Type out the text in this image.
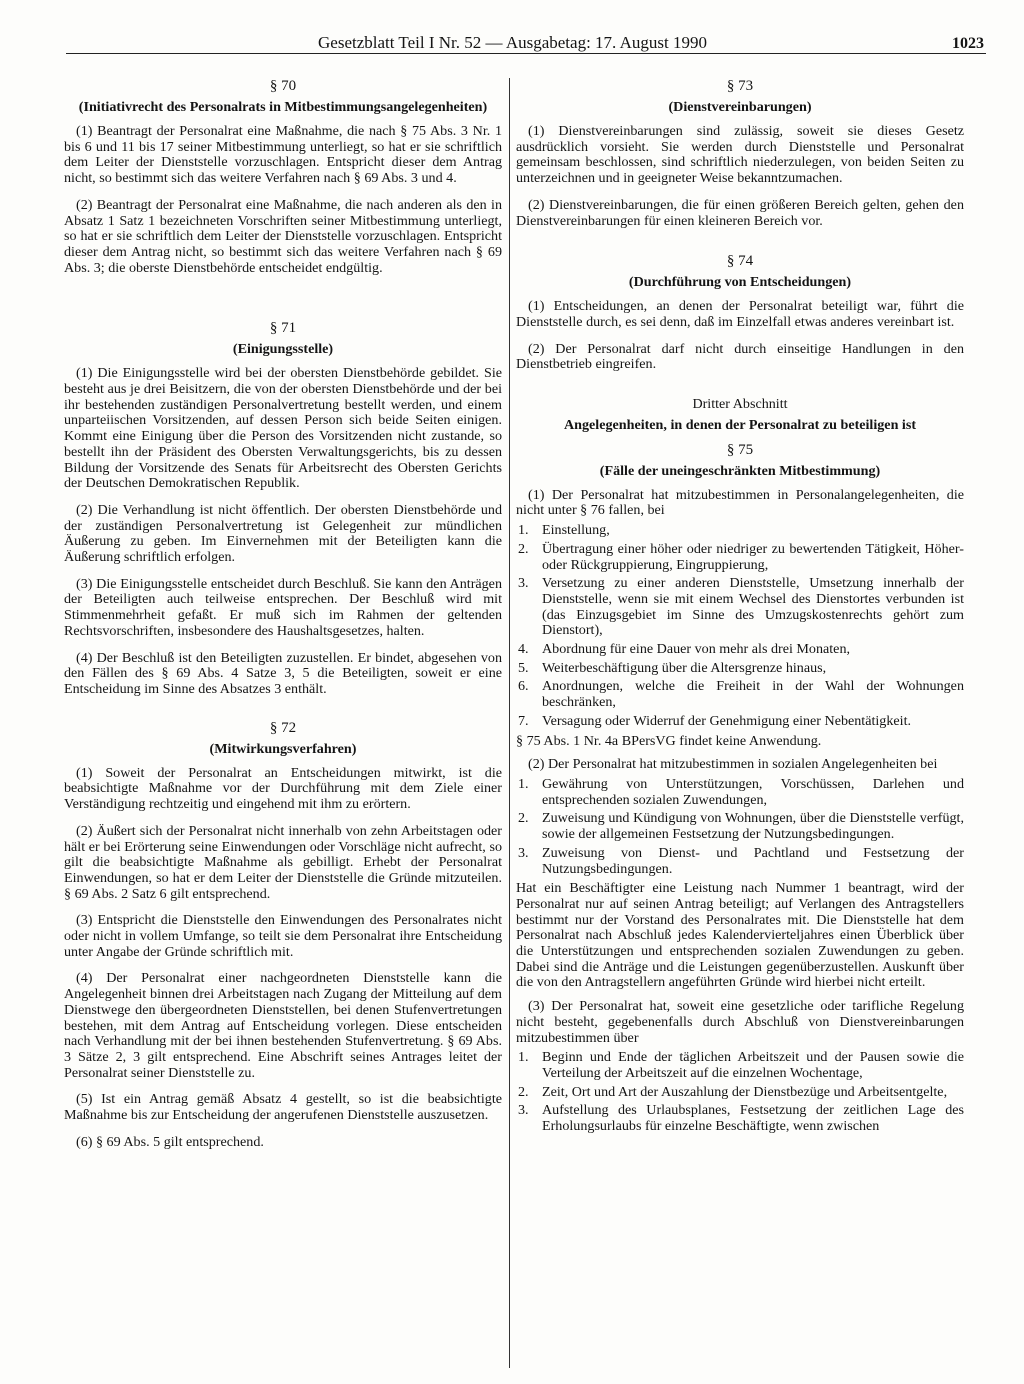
Gesetzblatt Teil I Nr. 52 — Ausgabetag: 17. August 1990	1023

§ 70

(Initiativrecht des Personalrats in Mitbestimmungsangelegenheiten)

(1) Beantragt der Personalrat eine Maßnahme, die nach § 75 Abs. 3 Nr. 1 bis 6 und 11 bis 17 seiner Mitbestimmung unterliegt, so hat er sie schriftlich dem Leiter der Dienststelle vorzuschlagen. Entspricht dieser dem Antrag nicht, so bestimmt sich das weitere Verfahren nach § 69 Abs. 3 und 4.

(2) Beantragt der Personalrat eine Maßnahme, die nach anderen als den in Absatz 1 Satz 1 bezeichneten Vorschriften seiner Mitbestimmung unterliegt, so hat er sie schriftlich dem Leiter der Dienststelle vorzuschlagen. Entspricht dieser dem Antrag nicht, so bestimmt sich das weitere Verfahren nach § 69 Abs. 3; die oberste Dienstbehörde entscheidet endgültig.

§ 71

(Einigungsstelle)

(1) Die Einigungsstelle wird bei der obersten Dienstbehörde gebildet. Sie besteht aus je drei Beisitzern, die von der obersten Dienstbehörde und der bei ihr bestehenden zuständigen Personalvertretung bestellt werden, und einem unparteiischen Vorsitzenden, auf dessen Person sich beide Seiten einigen. Kommt eine Einigung über die Person des Vorsitzenden nicht zustande, so bestellt ihn der Präsident des Obersten Verwaltungsgerichts, bis zu dessen Bildung der Vorsitzende des Senats für Arbeitsrecht des Obersten Gerichts der Deutschen Demokratischen Republik.

(2) Die Verhandlung ist nicht öffentlich. Der obersten Dienstbehörde und der zuständigen Personalvertretung ist Gelegenheit zur mündlichen Äußerung zu geben. Im Einvernehmen mit der Beteiligten kann die Äußerung schriftlich erfolgen.

(3) Die Einigungsstelle entscheidet durch Beschluß. Sie kann den Anträgen der Beteiligten auch teilweise entsprechen. Der Beschluß wird mit Stimmenmehrheit gefaßt. Er muß sich im Rahmen der geltenden Rechtsvorschriften, insbesondere des Haushaltsgesetzes, halten.

(4) Der Beschluß ist den Beteiligten zuzustellen. Er bindet, abgesehen von den Fällen des § 69 Abs. 4 Satze 3, 5 die Beteiligten, soweit er eine Entscheidung im Sinne des Absatzes 3 enthält.

§ 72

(Mitwirkungsverfahren)

(1) Soweit der Personalrat an Entscheidungen mitwirkt, ist die beabsichtigte Maßnahme vor der Durchführung mit dem Ziele einer Verständigung rechtzeitig und eingehend mit ihm zu erörtern.

(2) Äußert sich der Personalrat nicht innerhalb von zehn Arbeitstagen oder hält er bei Erörterung seine Einwendungen oder Vorschläge nicht aufrecht, so gilt die beabsichtigte Maßnahme als gebilligt. Erhebt der Personalrat Einwendungen, so hat er dem Leiter der Dienststelle die Gründe mitzuteilen. § 69 Abs. 2 Satz 6 gilt entsprechend.

(3) Entspricht die Dienststelle den Einwendungen des Personalrates nicht oder nicht in vollem Umfange, so teilt sie dem Personalrat ihre Entscheidung unter Angabe der Gründe schriftlich mit.

(4) Der Personalrat einer nachgeordneten Dienststelle kann die Angelegenheit binnen drei Arbeitstagen nach Zugang der Mitteilung auf dem Dienstwege den übergeordneten Dienststellen, bei denen Stufenvertretungen bestehen, mit dem Antrag auf Entscheidung vorlegen. Diese entscheiden nach Verhandlung mit der bei ihnen bestehenden Stufenvertretung. § 69 Abs. 3 Sätze 2, 3 gilt entsprechend. Eine Abschrift seines Antrages leitet der Personalrat seiner Dienststelle zu.

(5) Ist ein Antrag gemäß Absatz 4 gestellt, so ist die beabsichtigte Maßnahme bis zur Entscheidung der angerufenen Dienststelle auszusetzen.

(6) § 69 Abs. 5 gilt entsprechend.

§ 73

(Dienstvereinbarungen)

(1) Dienstvereinbarungen sind zulässig, soweit sie dieses Gesetz ausdrücklich vorsieht. Sie werden durch Dienststelle und Personalrat gemeinsam beschlossen, sind schriftlich niederzulegen, von beiden Seiten zu unterzeichnen und in geeigneter Weise bekanntzumachen.

(2) Dienstvereinbarungen, die für einen größeren Bereich gelten, gehen den Dienstvereinbarungen für einen kleineren Bereich vor.

§ 74

(Durchführung von Entscheidungen)

(1) Entscheidungen, an denen der Personalrat beteiligt war, führt die Dienststelle durch, es sei denn, daß im Einzelfall etwas anderes vereinbart ist.

(2) Der Personalrat darf nicht durch einseitige Handlungen in den Dienstbetrieb eingreifen.

Dritter Abschnitt

Angelegenheiten, in denen der Personalrat zu beteiligen ist

§ 75

(Fälle der uneingeschränkten Mitbestimmung)

(1) Der Personalrat hat mitzubestimmen in Personalangelegenheiten, die nicht unter § 76 fallen, bei

1. Einstellung,
2. Übertragung einer höher oder niedriger zu bewertenden Tätigkeit, Höher- oder Rückgruppierung, Eingruppierung,
3. Versetzung zu einer anderen Dienststelle, Umsetzung innerhalb der Dienststelle, wenn sie mit einem Wechsel des Dienstortes verbunden ist (das Einzugsgebiet im Sinne des Umzugskostenrechts gehört zum Dienstort),
4. Abordnung für eine Dauer von mehr als drei Monaten,
5. Weiterbeschäftigung über die Altersgrenze hinaus,
6. Anordnungen, welche die Freiheit in der Wahl der Wohnungen beschränken,
7. Versagung oder Widerruf der Genehmigung einer Nebentätigkeit.

§ 75 Abs. 1 Nr. 4a BPersVG findet keine Anwendung.

(2) Der Personalrat hat mitzubestimmen in sozialen Angelegenheiten bei

1. Gewährung von Unterstützungen, Vorschüssen, Darlehen und entsprechenden sozialen Zuwendungen,
2. Zuweisung und Kündigung von Wohnungen, über die Dienststelle verfügt, sowie der allgemeinen Festsetzung der Nutzungsbedingungen.
3. Zuweisung von Dienst- und Pachtland und Festsetzung der Nutzungsbedingungen.

Hat ein Beschäftigter eine Leistung nach Nummer 1 beantragt, wird der Personalrat nur auf seinen Antrag beteiligt; auf Verlangen des Antragstellers bestimmt nur der Vorstand des Personalrates mit. Die Dienststelle hat dem Personalrat nach Abschluß jedes Kalendervierteljahres einen Überblick über die Unterstützungen und entsprechenden sozialen Zuwendungen zu geben. Dabei sind die Anträge und die Leistungen gegenüberzustellen. Auskunft über die von den Antragstellern angeführten Gründe wird hierbei nicht erteilt.

(3) Der Personalrat hat, soweit eine gesetzliche oder tarifliche Regelung nicht besteht, gegebenenfalls durch Abschluß von Dienstvereinbarungen mitzubestimmen über

1. Beginn und Ende der täglichen Arbeitszeit und der Pausen sowie die Verteilung der Arbeitszeit auf die einzelnen Wochentage,
2. Zeit, Ort und Art der Auszahlung der Dienstbezüge und Arbeitsentgelte,
3. Aufstellung des Urlaubsplanes, Festsetzung der zeitlichen Lage des Erholungsurlaubs für einzelne Beschäftigte, wenn zwischen
